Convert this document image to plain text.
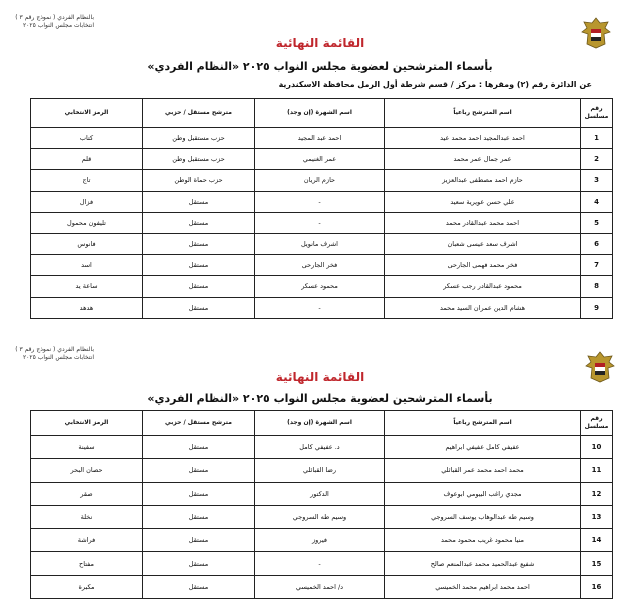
( نموذج رقم ٣ ) بالنظام الفردي
انتخابات مجلس النواب ٢٠٢٥
القائمة النهائية
بأسماء المترشحين لعضوية مجلس النواب ٢٠٢٥ «النظام الفردي»
عن الدائرة رقم (٢) ومقرها : مركز / قسم شرطة أول الرمل محافظة الاسكندرية
رقم مسلسل	اسم المترشح رباعياً	اسم الشهرة (إن وجد)	مترشح مستقل / حزبي	الرمز الانتخابي
1	احمد عبدالمجيد احمد محمد عيد	احمد عبد المجيد	حزب مستقبل وطن	كتاب
2	عمر جمال عمر محمد	عمر الغنيمي	حزب مستقبل وطن	قلم
3	حازم احمد مصطفى عبدالعزيز	حازم الريان	حزب حماة الوطن	تاج
4	علي حسن عويرية سعيد	-	مستقل	فزال
5	احمد محمد عبدالقادر محمد	-	مستقل	تليفون محمول
6	اشرف سعد عيسى شعبان	اشرف مانويل	مستقل	فانوس
7	فخر محمد فهمى الجارحى	فخر الجارحى	مستقل	اسد
8	محمود عبدالقادر رجب عسكر	محمود عسكر	مستقل	ساعة يد
9	هشام الدين عمران السيد محمد	-	مستقل	هدهد
( نموذج رقم ٣ ) بالنظام الفردي
انتخابات مجلس النواب ٢٠٢٥
القائمة النهائية
بأسماء المترشحين لعضوية مجلس النواب ٢٠٢٥ «النظام الفردي»
رقم مسلسل	اسم المترشح رباعياً	اسم الشهرة (إن وجد)	مترشح مستقل / حزبي	الرمز الانتخابي
10	عفيفي كامل عفيفي ابراهيم	د. عفيفي كامل	مستقل	سفينة
11	محمد احمد محمد عمر القبائلي	رضا القبائلي	مستقل	حصان البحر
12	مجدي راغب البيومي ابوعوف	الدكتور	مستقل	صقر
13	وسيم طه عبدالوهاب يوسف السروجي	وسيم طه السروجي	مستقل	نخلة
14	منيا محمود غريب محمود محمد	فيروز	مستقل	فراشة
15	شفيع عبدالحميد محمد عبدالمنعم صالح	-	مستقل	مفتاح
16	احمد محمد ابراهيم محمد الخميسي	د/ احمد الخميسي	مستقل	مكبرة
